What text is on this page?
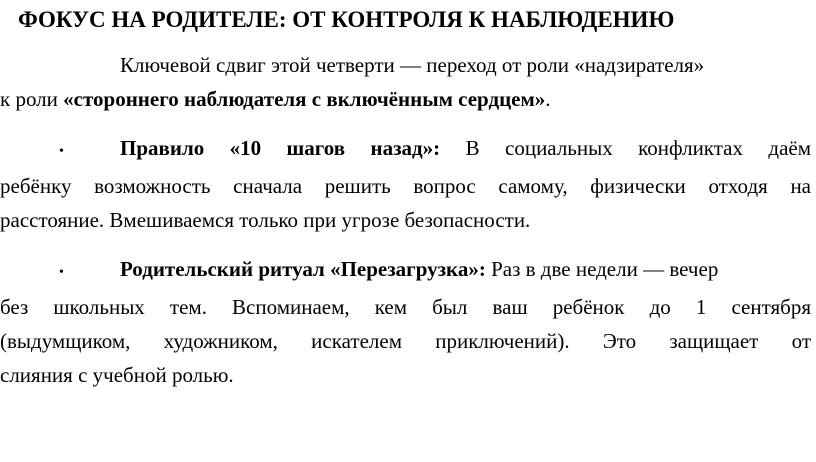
ФОКУС НА РОДИТЕЛЕ: ОТ КОНТРОЛЯ К НАБЛЮДЕНИЮ
Ключевой сдвиг этой четверти — переход от роли «надзирателя»
к роли «стороннего наблюдателя с включённым сердцем».
•	Правило «10 шагов назад»: В социальных конфликтах даём
ребёнку возможность сначала решить вопрос самому, физически отходя на
расстояние. Вмешиваемся только при угрозе безопасности.
•	Родительский ритуал «Перезагрузка»: Раз в две недели — вечер
без школьных тем. Вспоминаем, кем был ваш ребёнок до 1 сентября
(выдумщиком, художником, искателем приключений). Это защищает от
слияния с учебной ролью.
